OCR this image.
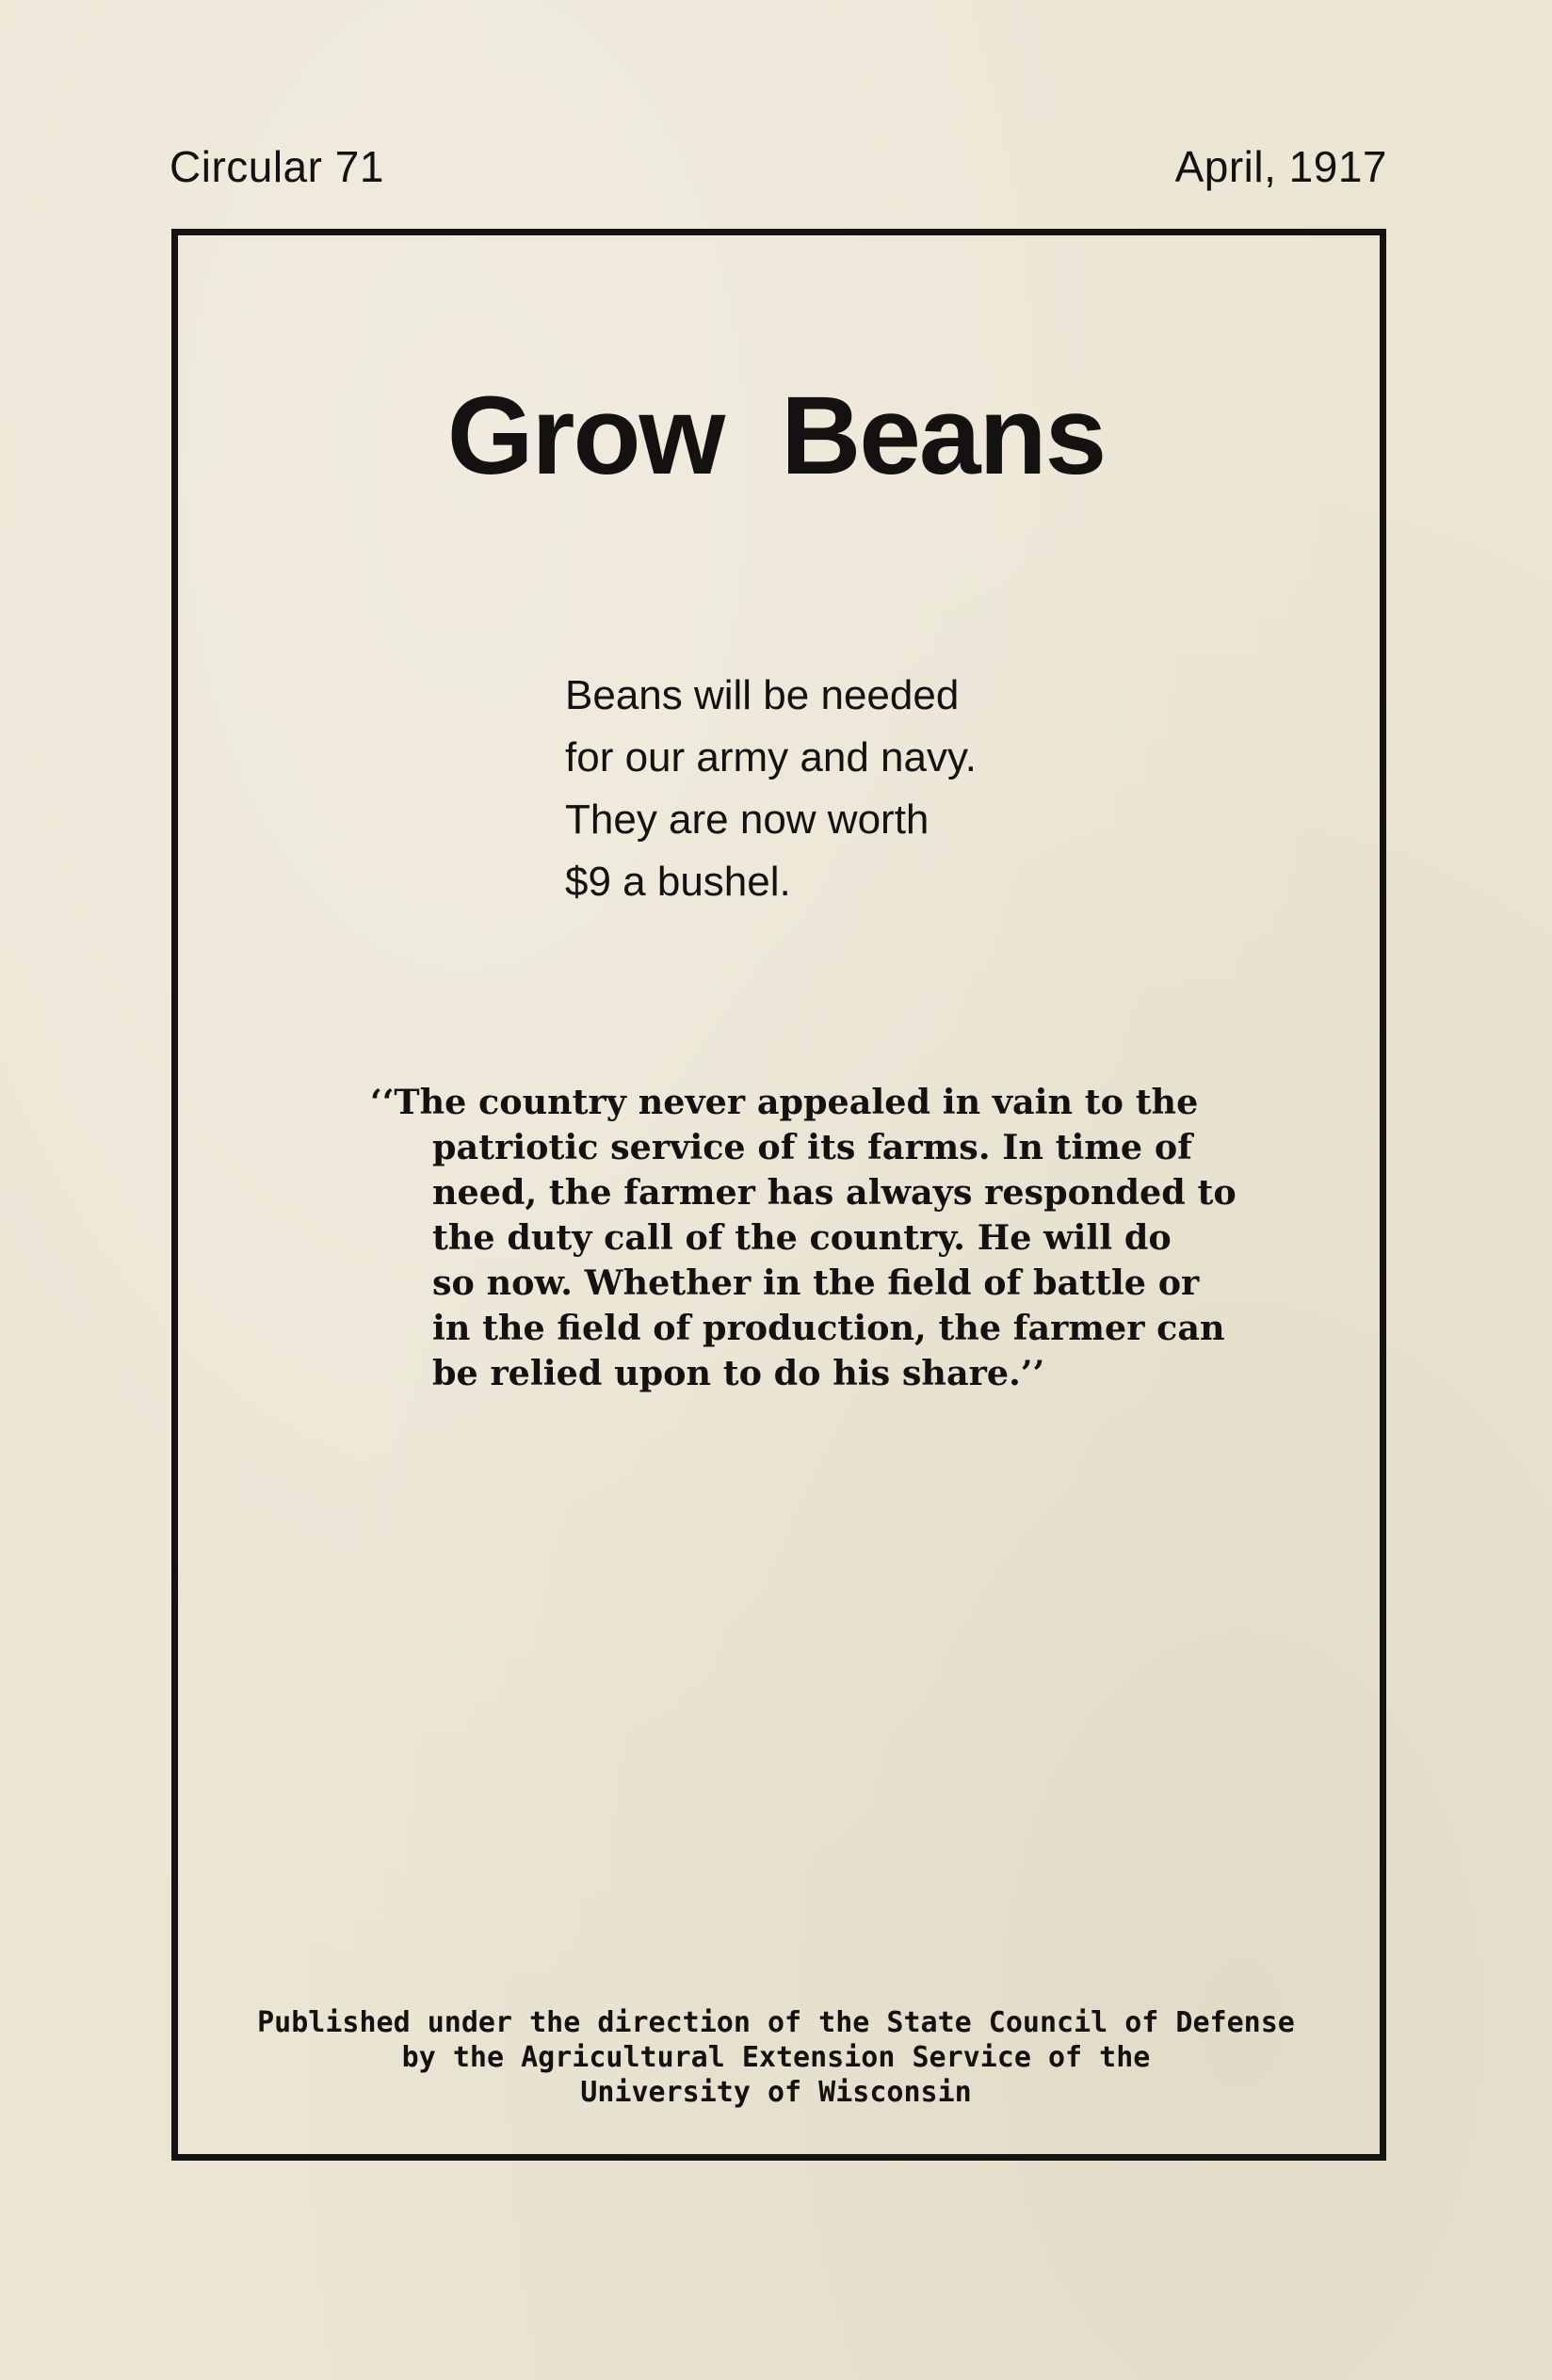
Circular 71	April, 1917
Grow Beans
Beans will be needed
for our army and navy.
They are now worth
$9 a bushel.
‘‘The country never appealed in vain to the
patriotic service of its farms. In time of
need, the farmer has always responded to
the duty call of the country. He will do
so now. Whether in the field of battle or
in the field of production, the farmer can
be relied upon to do his share.’’
Published under the direction of the State Council of Defense
by the Agricultural Extension Service of the
University of Wisconsin
